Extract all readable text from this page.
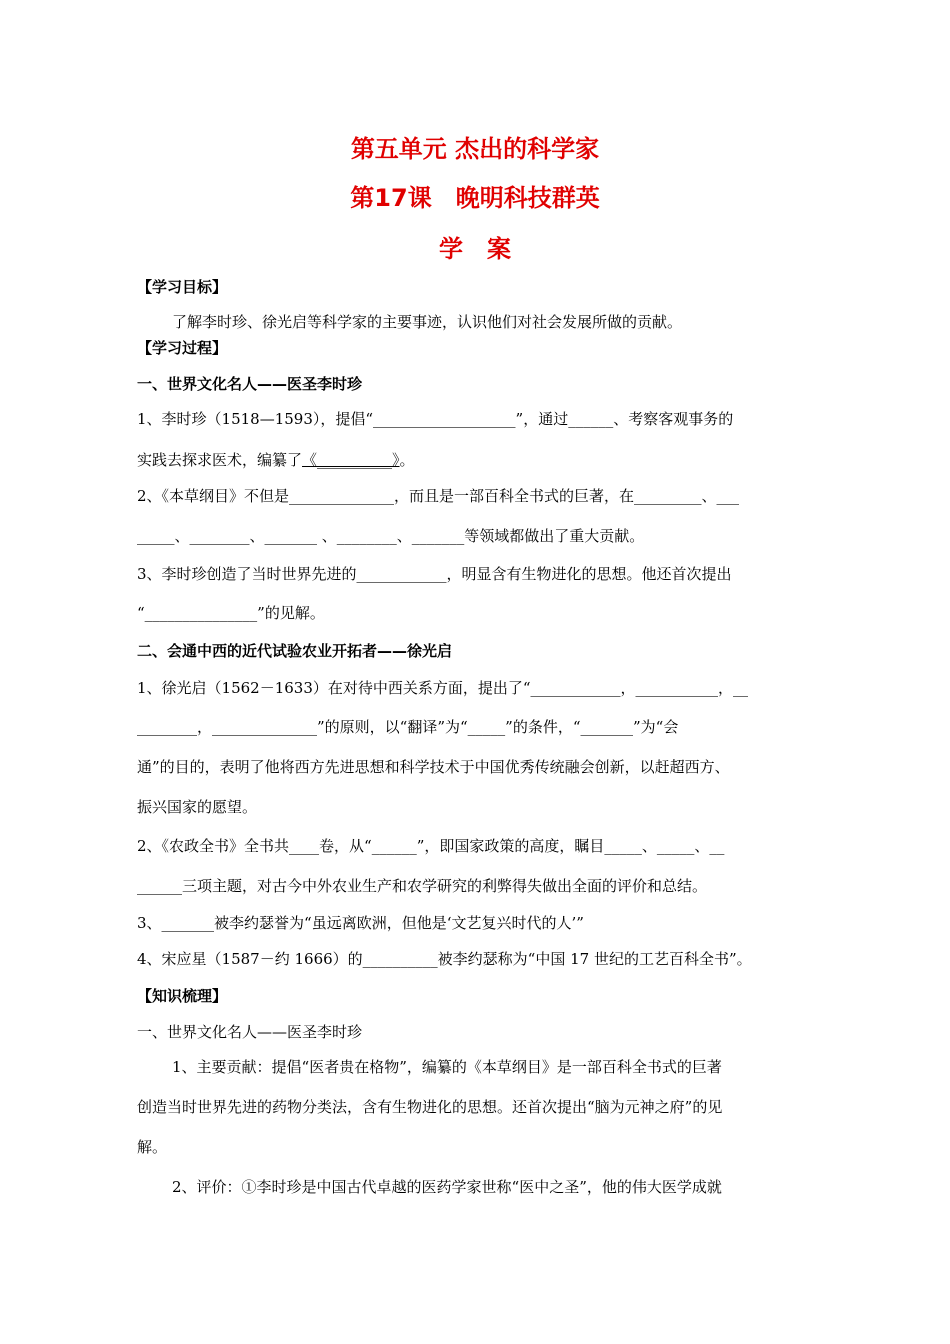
第五单元 杰出的科学家
第17课　晚明科技群英
学　案
【学习目标】
了解李时珍、徐光启等科学家的主要事迹，认识他们对社会发展所做的贡献。
【学习过程】
一、世界文化名人——医圣李时珍
1、李时珍（1518—1593），提倡“___________________”，通过______、考察客观事务的
实践去探求医术，编纂了《__________》。
2、《本草纲目》不但是______________，而且是一部百科全书式的巨著，在_________、___
_____、________、_______ 、________、_______等领域都做出了重大贡献。
3、李时珍创造了当时世界先进的____________，明显含有生物进化的思想。他还首次提出
“_______________”的见解。
二、会通中西的近代试验农业开拓者——徐光启
1、徐光启（1562－1633）在对待中西关系方面，提出了“____________，___________，__
________，______________”的原则，以“翻译”为“_____”的条件，“_______”为“会
通”的目的，表明了他将西方先进思想和科学技术于中国优秀传统融会创新，以赶超西方、
振兴国家的愿望。
2、《农政全书》全书共____卷，从“______”，即国家政策的高度，瞩目_____、_____、__
______三项主题，对古今中外农业生产和农学研究的利弊得失做出全面的评价和总结。
3、_______被李约瑟誉为“虽远离欧洲，但他是‘文艺复兴时代的人’”
4、宋应星（1587－约 1666）的__________被李约瑟称为“中国 17 世纪的工艺百科全书”。
【知识梳理】
一、世界文化名人——医圣李时珍
1、主要贡献：提倡“医者贵在格物”，编纂的《本草纲目》是一部百科全书式的巨著
创造当时世界先进的药物分类法，含有生物进化的思想。还首次提出“脑为元神之府”的见
解。
2、评价：①李时珍是中国古代卓越的医药学家世称“医中之圣”，他的伟大医学成就
